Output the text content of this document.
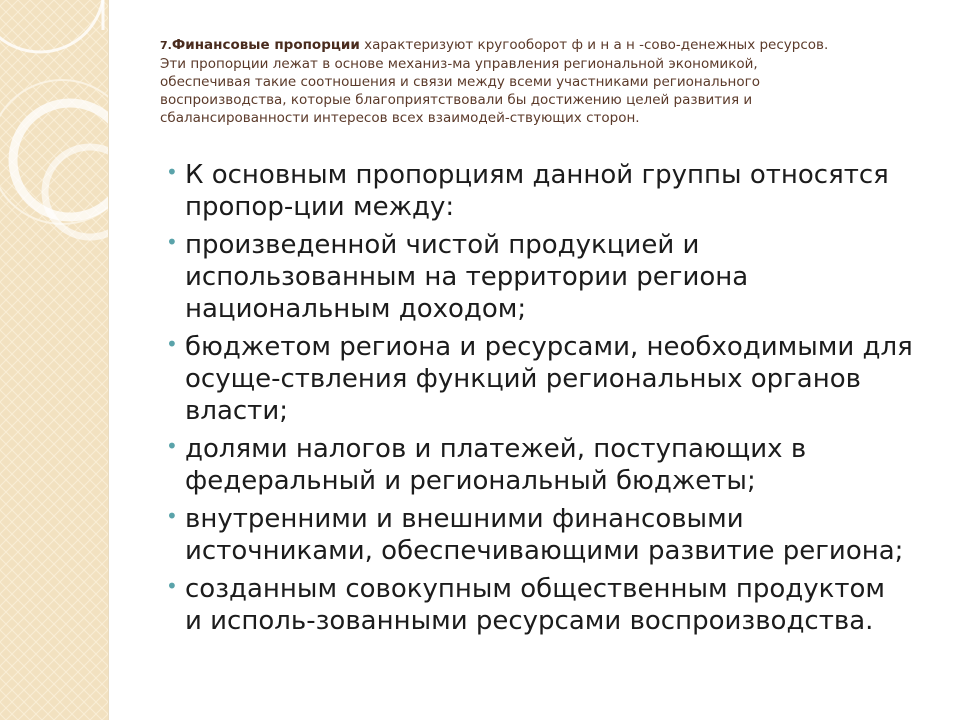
7.Финансовые пропорции характеризуют кругооборот ф и н а н -сово-денежных ресурсов.
Эти пропорции лежат в основе механиз-ма управления региональной экономикой,
обеспечивая такие соотношения и связи между всеми участниками регионального
воспроизводства, которые благоприятствовали бы достижению целей развития и
сбалансированности интересов всех взаимодей-ствующих сторон.
• К основным пропорциям данной группы относятся
пропор-ции между:
• произведенной чистой продукцией и
использованным на территории региона
национальным доходом;
• бюджетом региона и ресурсами, необходимыми для
осуще-ствления функций региональных органов
власти;
• долями налогов и платежей, поступающих в
федеральный и региональный бюджеты;
• внутренними и внешними финансовыми
источниками, обеспечивающими развитие региона;
• созданным совокупным общественным продуктом
и исполь-зованными ресурсами воспроизводства.
